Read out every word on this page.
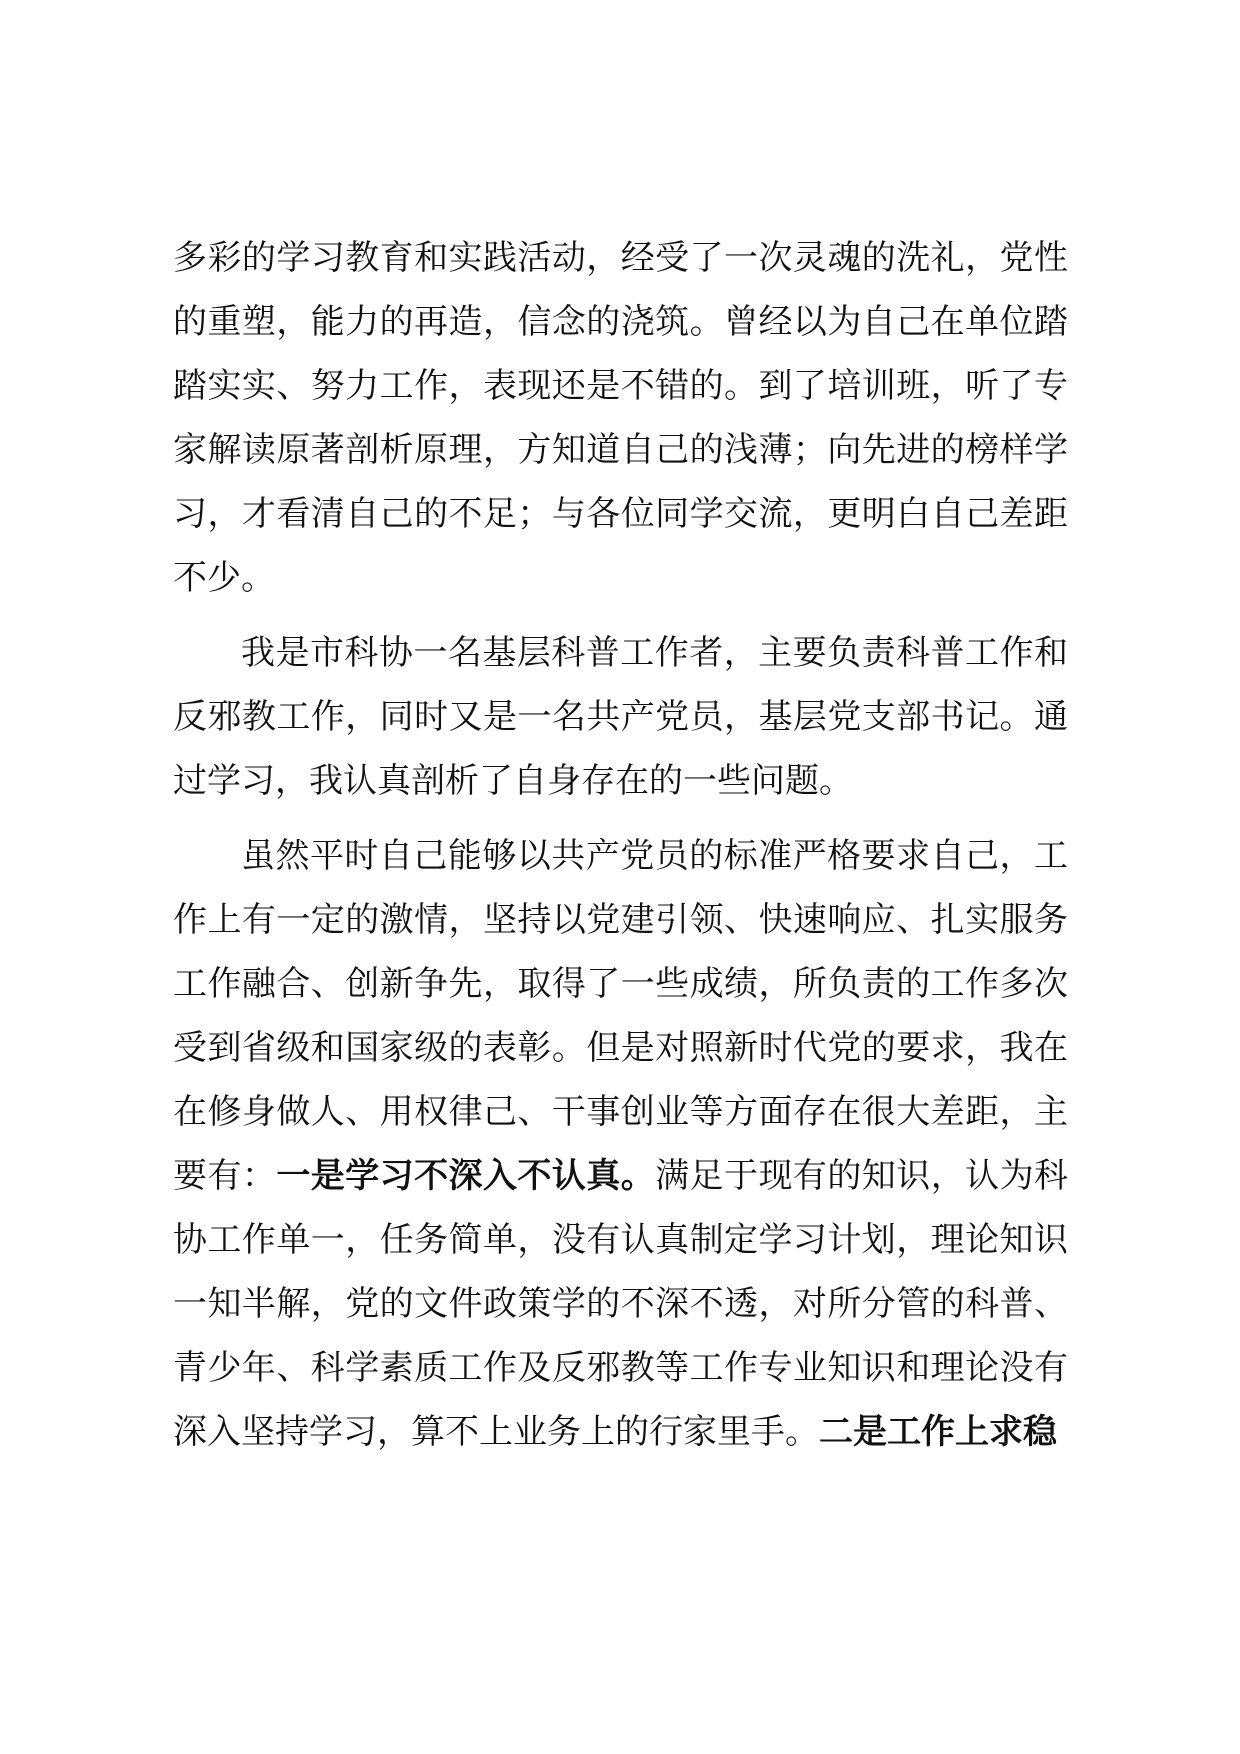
多彩的学习教育和实践活动，经受了一次灵魂的洗礼，党性的重塑，能力的再造，信念的浇筑。曾经以为自己在单位踏踏实实、努力工作，表现还是不错的。到了培训班，听了专家解读原著剖析原理，方知道自己的浅薄；向先进的榜样学习，才看清自己的不足；与各位同学交流，更明白自己差距不少。

我是市科协一名基层科普工作者，主要负责科普工作和反邪教工作，同时又是一名共产党员，基层党支部书记。通过学习，我认真剖析了自身存在的一些问题。

虽然平时自己能够以共产党员的标准严格要求自己，工作上有一定的激情，坚持以党建引领、快速响应、扎实服务工作融合、创新争先，取得了一些成绩，所负责的工作多次受到省级和国家级的表彰。但是对照新时代党的要求，我在在修身做人、用权律己、干事创业等方面存在很大差距，主要有：一是学习不深入不认真。满足于现有的知识，认为科协工作单一，任务简单，没有认真制定学习计划，理论知识一知半解，党的文件政策学的不深不透，对所分管的科普、青少年、科学素质工作及反邪教等工作专业知识和理论没有深入坚持学习，算不上业务上的行家里手。二是工作上求稳
